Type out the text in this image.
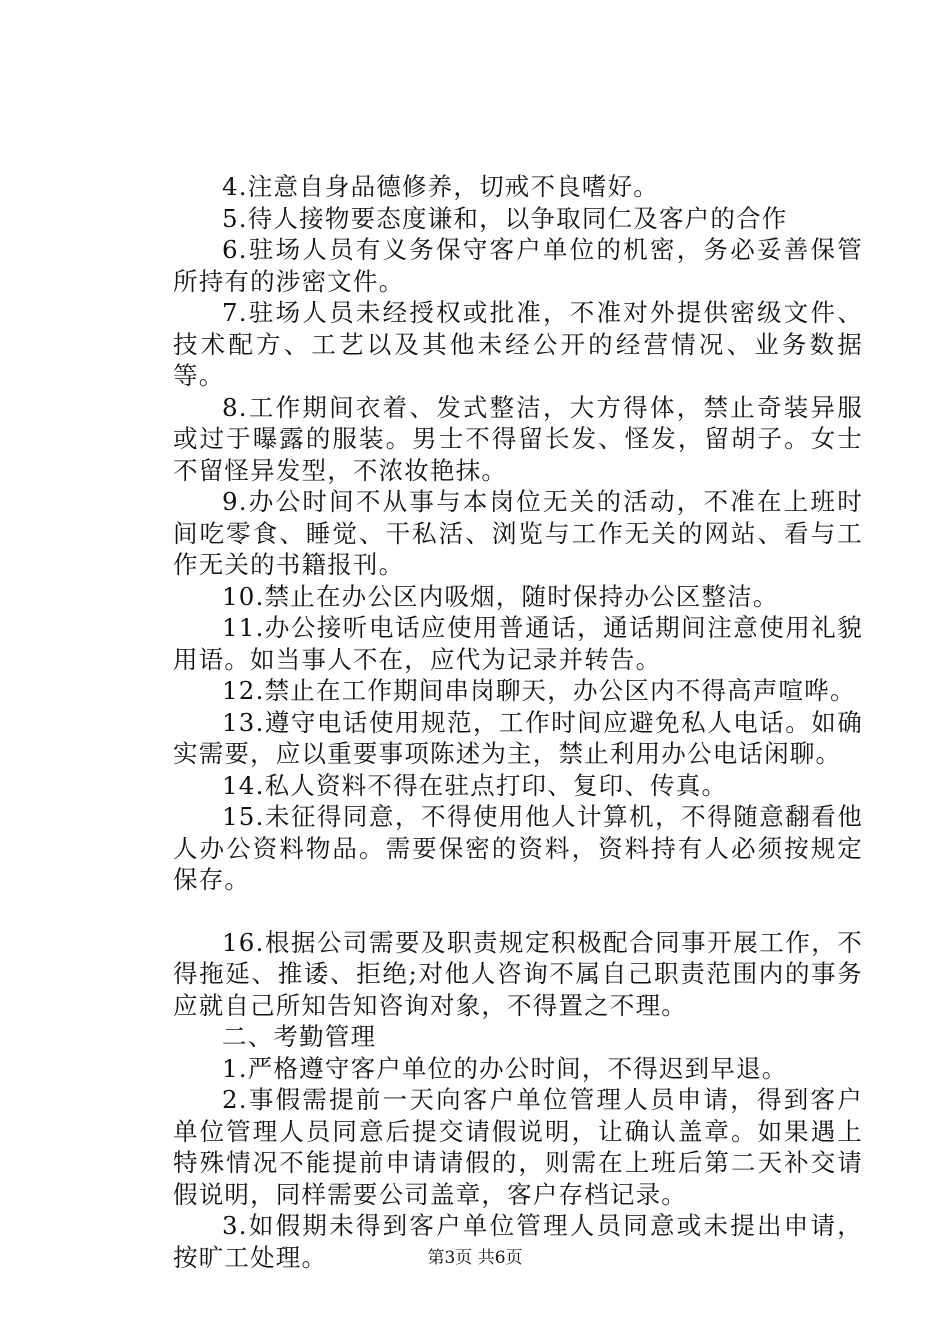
4.注意自身品德修养，切戒不良嗜好。

5.待人接物要态度谦和，以争取同仁及客户的合作

6.驻场人员有义务保守客户单位的机密，务必妥善保管所持有的涉密文件。

7.驻场人员未经授权或批准，不准对外提供密级文件、技术配方、工艺以及其他未经公开的经营情况、业务数据等。

8.工作期间衣着、发式整洁，大方得体，禁止奇装异服或过于曝露的服装。男士不得留长发、怪发，留胡子。女士不留怪异发型，不浓妆艳抹。

9.办公时间不从事与本岗位无关的活动，不准在上班时间吃零食、睡觉、干私活、浏览与工作无关的网站、看与工作无关的书籍报刊。

10.禁止在办公区内吸烟，随时保持办公区整洁。

11.办公接听电话应使用普通话，通话期间注意使用礼貌用语。如当事人不在，应代为记录并转告。

12.禁止在工作期间串岗聊天，办公区内不得高声喧哗。

13.遵守电话使用规范，工作时间应避免私人电话。如确实需要，应以重要事项陈述为主，禁止利用办公电话闲聊。

14.私人资料不得在驻点打印、复印、传真。

15.未征得同意，不得使用他人计算机，不得随意翻看他人办公资料物品。需要保密的资料，资料持有人必须按规定保存。

16.根据公司需要及职责规定积极配合同事开展工作，不得拖延、推诿、拒绝;对他人咨询不属自己职责范围内的事务应就自己所知告知咨询对象，不得置之不理。

二、考勤管理

1.严格遵守客户单位的办公时间，不得迟到早退。

2.事假需提前一天向客户单位管理人员申请，得到客户单位管理人员同意后提交请假说明，让确认盖章。如果遇上特殊情况不能提前申请请假的，则需在上班后第二天补交请假说明，同样需要公司盖章，客户存档记录。

3.如假期未得到客户单位管理人员同意或未提出申请，按旷工处理。	第3页 共6页
